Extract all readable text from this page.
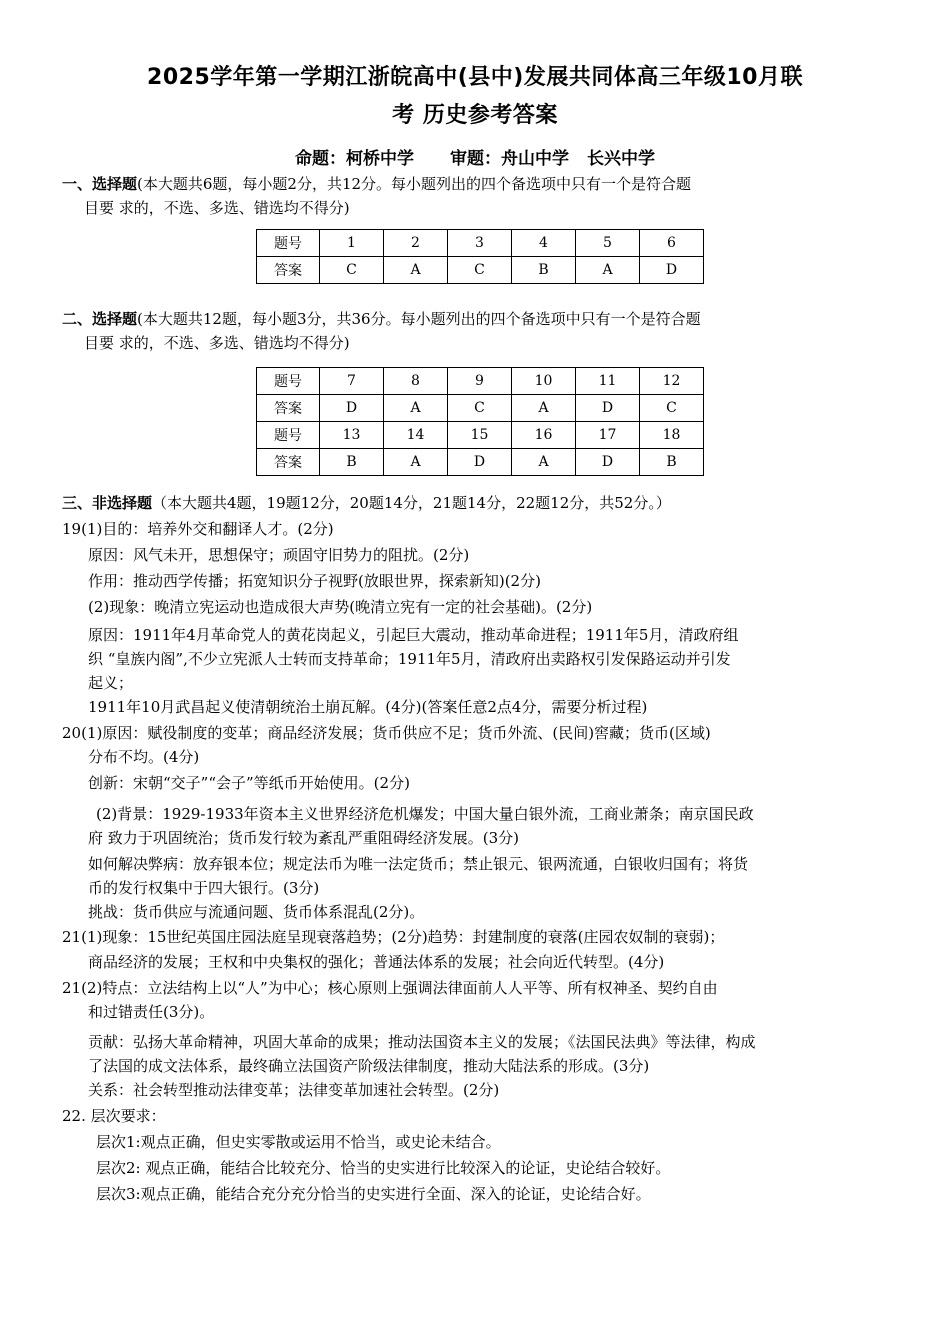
2025学年第一学期江浙皖高中(县中)发展共同体高三年级10月联
考 历史参考答案
命题：柯桥中学 审题：舟山中学 长兴中学
一、选择题(本大题共6题，每小题2分，共12分。每小题列出的四个备选项中只有一个是符合题
目要 求的，不选、多选、错选均不得分)
题号	1	2	3	4	5	6
答案	C	A	C	B	A	D
二、选择题(本大题共12题，每小题3分，共36分。每小题列出的四个备选项中只有一个是符合题
目要 求的，不选、多选、错选均不得分)
题号	7	8	9	10	11	12
答案	D	A	C	A	D	C
题号	13	14	15	16	17	18
答案	B	A	D	A	D	B
三、非选择题（本大题共4题，19题12分，20题14分，21题14分，22题12分，共52分。）
19(1)目的：培养外交和翻译人才。(2分)
原因：风气未开，思想保守；顽固守旧势力的阻扰。(2分)
作用：推动西学传播；拓宽知识分子视野(放眼世界，探索新知)(2分)
(2)现象：晚清立宪运动也造成很大声势(晚清立宪有一定的社会基础)。(2分)
原因：1911年4月革命党人的黄花岗起义，引起巨大震动，推动革命进程；1911年5月，清政府组
织 “皇族内阁”,不少立宪派人士转而支持革命；1911年5月，清政府出卖路权引发保路运动并引发
起义；
1911年10月武昌起义使清朝统治土崩瓦解。(4分)(答案任意2点4分，需要分析过程)
20(1)原因：赋役制度的变革；商品经济发展；货币供应不足；货币外流、(民间)窖藏；货币(区域)
分布不均。(4分)
创新：宋朝“交子”“会子”等纸币开始使用。(2分)
(2)背景：1929-1933年资本主义世界经济危机爆发；中国大量白银外流，工商业萧条；南京国民政
府 致力于巩固统治；货币发行较为紊乱严重阻碍经济发展。(3分)
如何解决弊病：放弃银本位；规定法币为唯一法定货币；禁止银元、银两流通，白银收归国有；将货
币的发行权集中于四大银行。(3分)
挑战：货币供应与流通问题、货币体系混乱(2分)。
21(1)现象：15世纪英国庄园法庭呈现衰落趋势；(2分)趋势：封建制度的衰落(庄园农奴制的衰弱)；
商品经济的发展；王权和中央集权的强化；普通法体系的发展；社会向近代转型。(4分)
21(2)特点：立法结构上以“人”为中心；核心原则上强调法律面前人人平等、所有权神圣、契约自由
和过错责任(3分)。
贡献：弘扬大革命精神，巩固大革命的成果；推动法国资本主义的发展；《法国民法典》等法律，构成
了法国的成文法体系，最终确立法国资产阶级法律制度，推动大陆法系的形成。(3分)
关系：社会转型推动法律变革；法律变革加速社会转型。(2分)
22. 层次要求：
层次1:观点正确，但史实零散或运用不恰当，或史论未结合。
层次2: 观点正确，能结合比较充分、恰当的史实进行比较深入的论证，史论结合较好。
层次3:观点正确，能结合充分充分恰当的史实进行全面、深入的论证，史论结合好。
